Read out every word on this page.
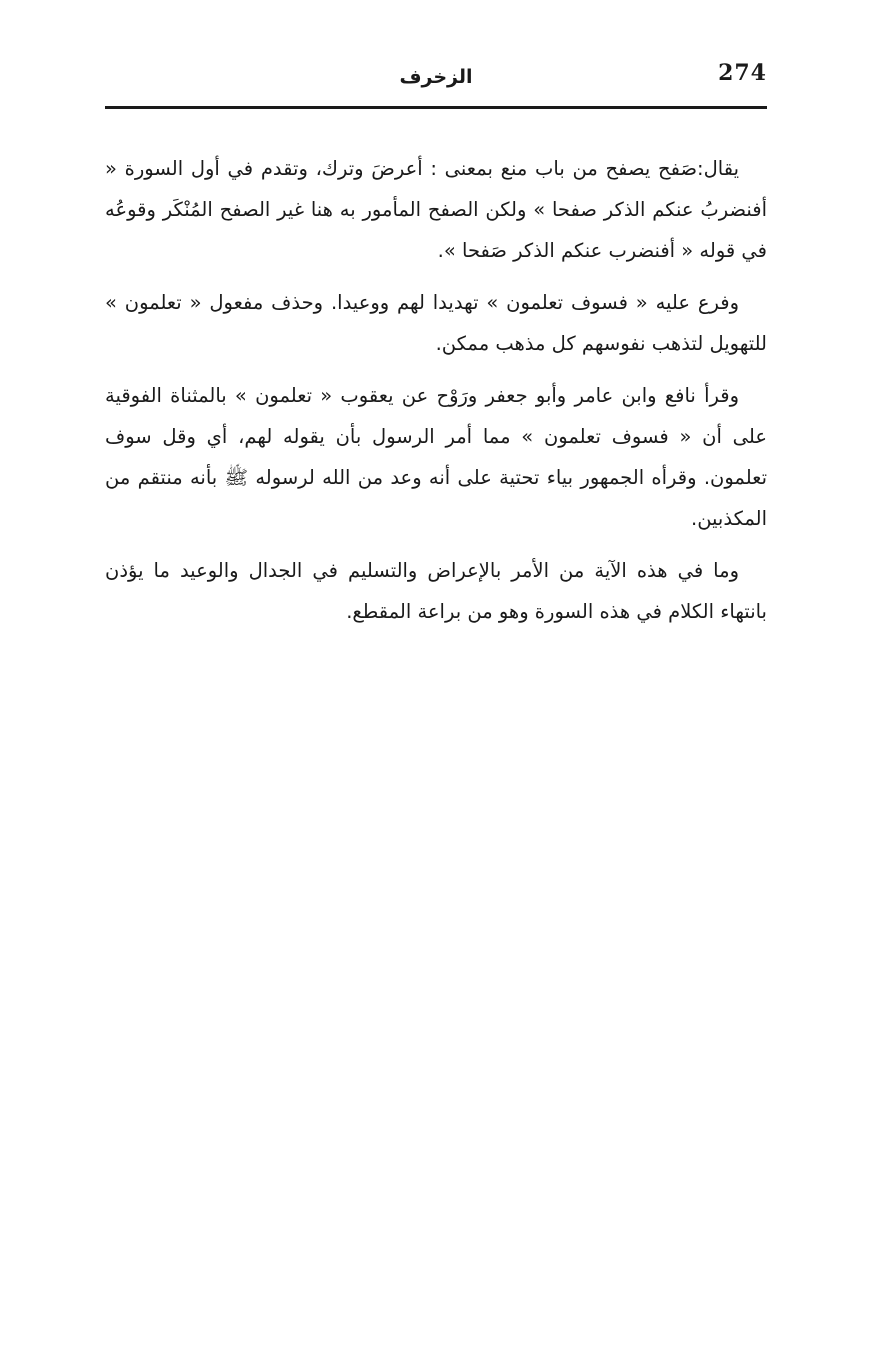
274
الزخرف

يقال:صَفح يصفح من باب منع بمعنى : أعرضَ وترك، وتقدم في أول السورة « أفنضربُ عنكم الذكر صفحا » ولكن الصفح المأمور به هنا غير الصفح المُنْكَر وقوعُه في قوله « أفنضرب عنكم الذكر صَفحا ».

وفرع عليه « فسوف تعلمون » تهديدا لهم ووعيدا. وحذف مفعول « تعلمون » للتهويل لتذهب نفوسهم كل مذهب ممكن.

وقرأ نافع وابن عامر وأبو جعفر ورَوْح عن يعقوب « تعلمون » بالمثناة الفوقية على أن « فسوف تعلمون » مما أمر الرسول بأن يقوله لهم، أي وقل سوف تعلمون. وقرأه الجمهور بياء تحتية على أنه وعد من الله لرسوله ﷺ بأنه منتقم من المكذبين.

وما في هذه الآية من الأمر بالإعراض والتسليم في الجدال والوعيد ما يؤذن بانتهاء الكلام في هذه السورة وهو من براعة المقطع.
